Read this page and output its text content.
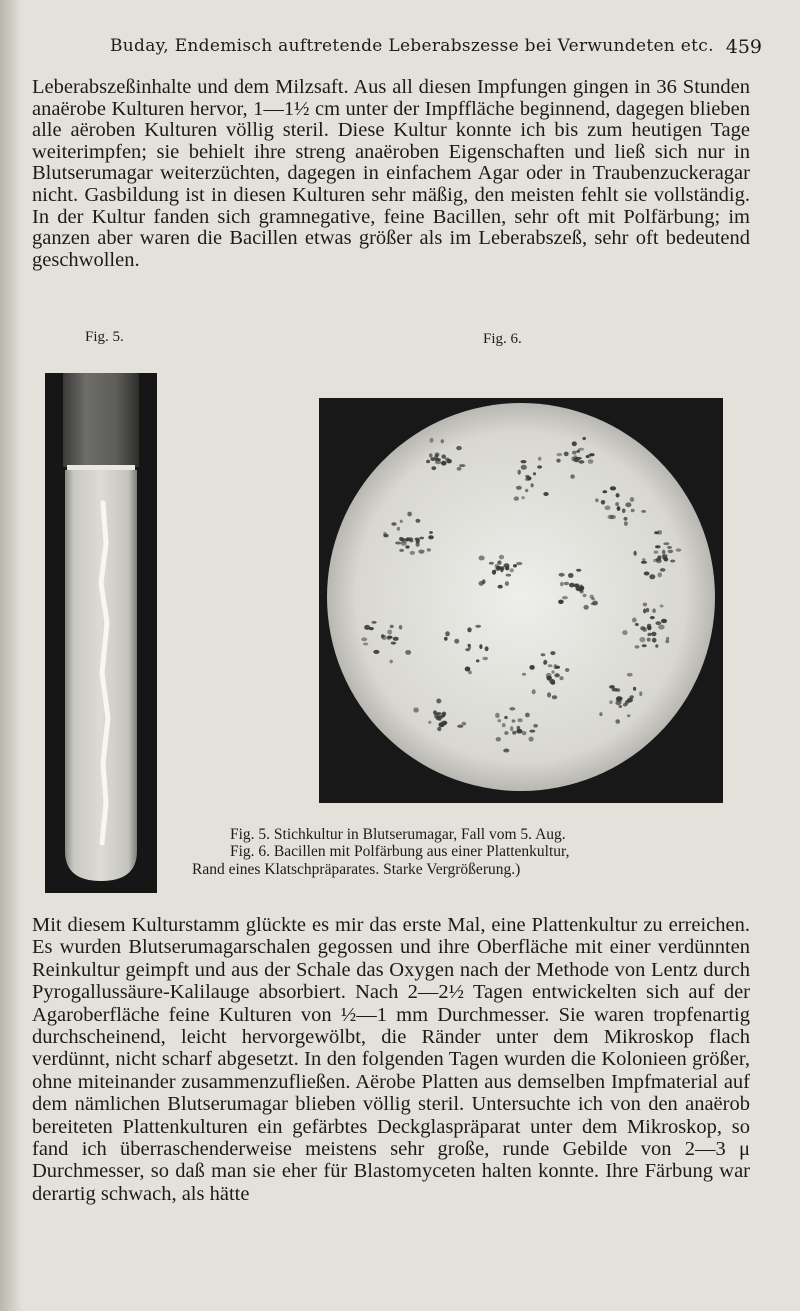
Buday, Endemisch auftretende Leberabszesse bei Verwundeten etc. 459

Leberabszeßinhalte und dem Milzsaft. Aus all diesen Impfungen gingen in 36 Stunden anaërobe Kulturen hervor, 1—1½ cm unter der Impffläche beginnend, dagegen blieben alle aëroben Kulturen völlig steril. Diese Kultur konnte ich bis zum heutigen Tage weiterimpfen; sie behielt ihre streng anaëroben Eigenschaften und ließ sich nur in Blutserumagar weiterzüchten, dagegen in einfachem Agar oder in Traubenzuckeragar nicht. Gasbildung ist in diesen Kulturen sehr mäßig, den meisten fehlt sie vollständig. In der Kultur fanden sich gramnegative, feine Bacillen, sehr oft mit Polfärbung; im ganzen aber waren die Bacillen etwas größer als im Leberabszeß, sehr oft bedeutend geschwollen.

Fig. 5.	Fig. 6.
Fig. 5. Stichkultur in Blutserumagar, Fall vom 5. Aug.
Fig. 6. Bacillen mit Polfärbung aus einer Plattenkultur,
Rand eines Klatschpräparates. Starke Vergrößerung.)

Mit diesem Kulturstamm glückte es mir das erste Mal, eine Plattenkultur zu erreichen. Es wurden Blutserumagarschalen gegossen und ihre Oberfläche mit einer verdünnten Reinkultur geimpft und aus der Schale das Oxygen nach der Methode von Lentz durch Pyrogallussäure-Kalilauge absorbiert. Nach 2—2½ Tagen entwickelten sich auf der Agaroberfläche feine Kulturen von ½—1 mm Durchmesser. Sie waren tropfenartig durchscheinend, leicht hervorgewölbt, die Ränder unter dem Mikroskop flach verdünnt, nicht scharf abgesetzt. In den folgenden Tagen wurden die Kolonieen größer, ohne miteinander zusammenzufließen. Aërobe Platten aus demselben Impfmaterial auf dem nämlichen Blutserumagar blieben völlig steril. Untersuchte ich von den anaërob bereiteten Plattenkulturen ein gefärbtes Deckglaspräparat unter dem Mikroskop, so fand ich überraschenderweise meistens sehr große, runde Gebilde von 2—3 μ Durchmesser, so daß man sie eher für Blastomyceten halten konnte. Ihre Färbung war derartig schwach, als hätte
